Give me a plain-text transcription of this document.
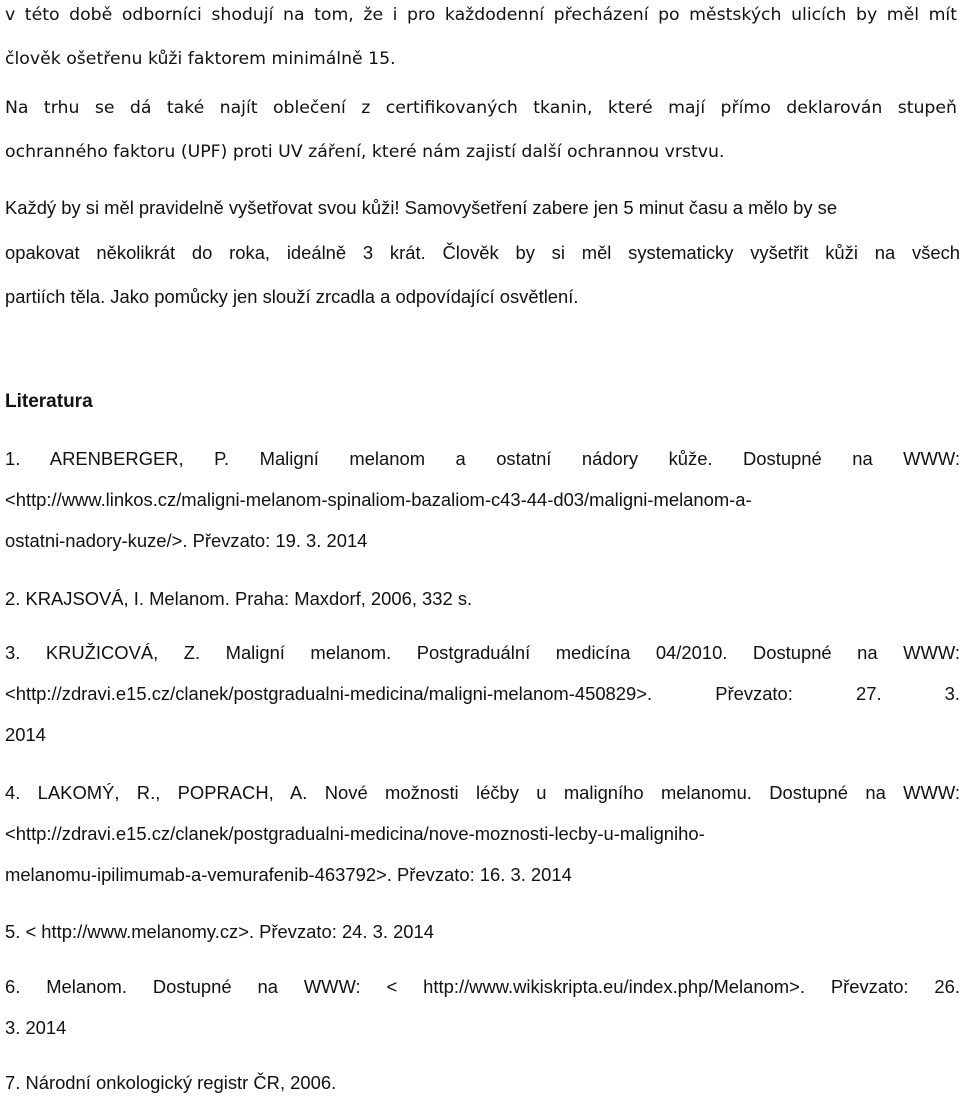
v této době odborníci shodují na tom, že i pro každodenní přecházení po městských ulicích by měl mít
člověk ošetřenu kůži faktorem minimálně 15.
Na trhu se dá také najít oblečení z certifikovaných tkanin, které mají přímo deklarován stupeň
ochranného faktoru (UPF) proti UV záření, které nám zajistí další ochrannou vrstvu.
Každý by si měl pravidelně vyšetřovat svou kůži! Samovyšetření zabere jen 5 minut času a mělo by se
opakovat několikrát do roka, ideálně 3 krát. Člověk by si měl systematicky vyšetřit kůži na všech
partiích těla. Jako pomůcky jen slouží zrcadla a odpovídající osvětlení.
Literatura
1. ARENBERGER, P. Maligní melanom a ostatní nádory kůže. Dostupné na WWW:
<http://www.linkos.cz/maligni-melanom-spinaliom-bazaliom-c43-44-d03/maligni-melanom-a-
ostatni-nadory-kuze/>. Převzato: 19. 3. 2014
2. KRAJSOVÁ, I. Melanom. Praha: Maxdorf, 2006, 332 s.
3. KRUŽICOVÁ, Z. Maligní melanom. Postgraduální medicína 04/2010. Dostupné na WWW:
<http://zdravi.e15.cz/clanek/postgradualni-medicina/maligni-melanom-450829>. Převzato: 27. 3.
2014
4. LAKOMÝ, R., POPRACH, A. Nové možnosti léčby u maligního melanomu. Dostupné na WWW:
<http://zdravi.e15.cz/clanek/postgradualni-medicina/nove-moznosti-lecby-u-maligniho-
melanomu-ipilimumab-a-vemurafenib-463792>. Převzato: 16. 3. 2014
5. < http://www.melanomy.cz>. Převzato: 24. 3. 2014
6. Melanom. Dostupné na WWW: < http://www.wikiskripta.eu/index.php/Melanom>. Převzato: 26.
3. 2014
7. Národní onkologický registr ČR, 2006.
